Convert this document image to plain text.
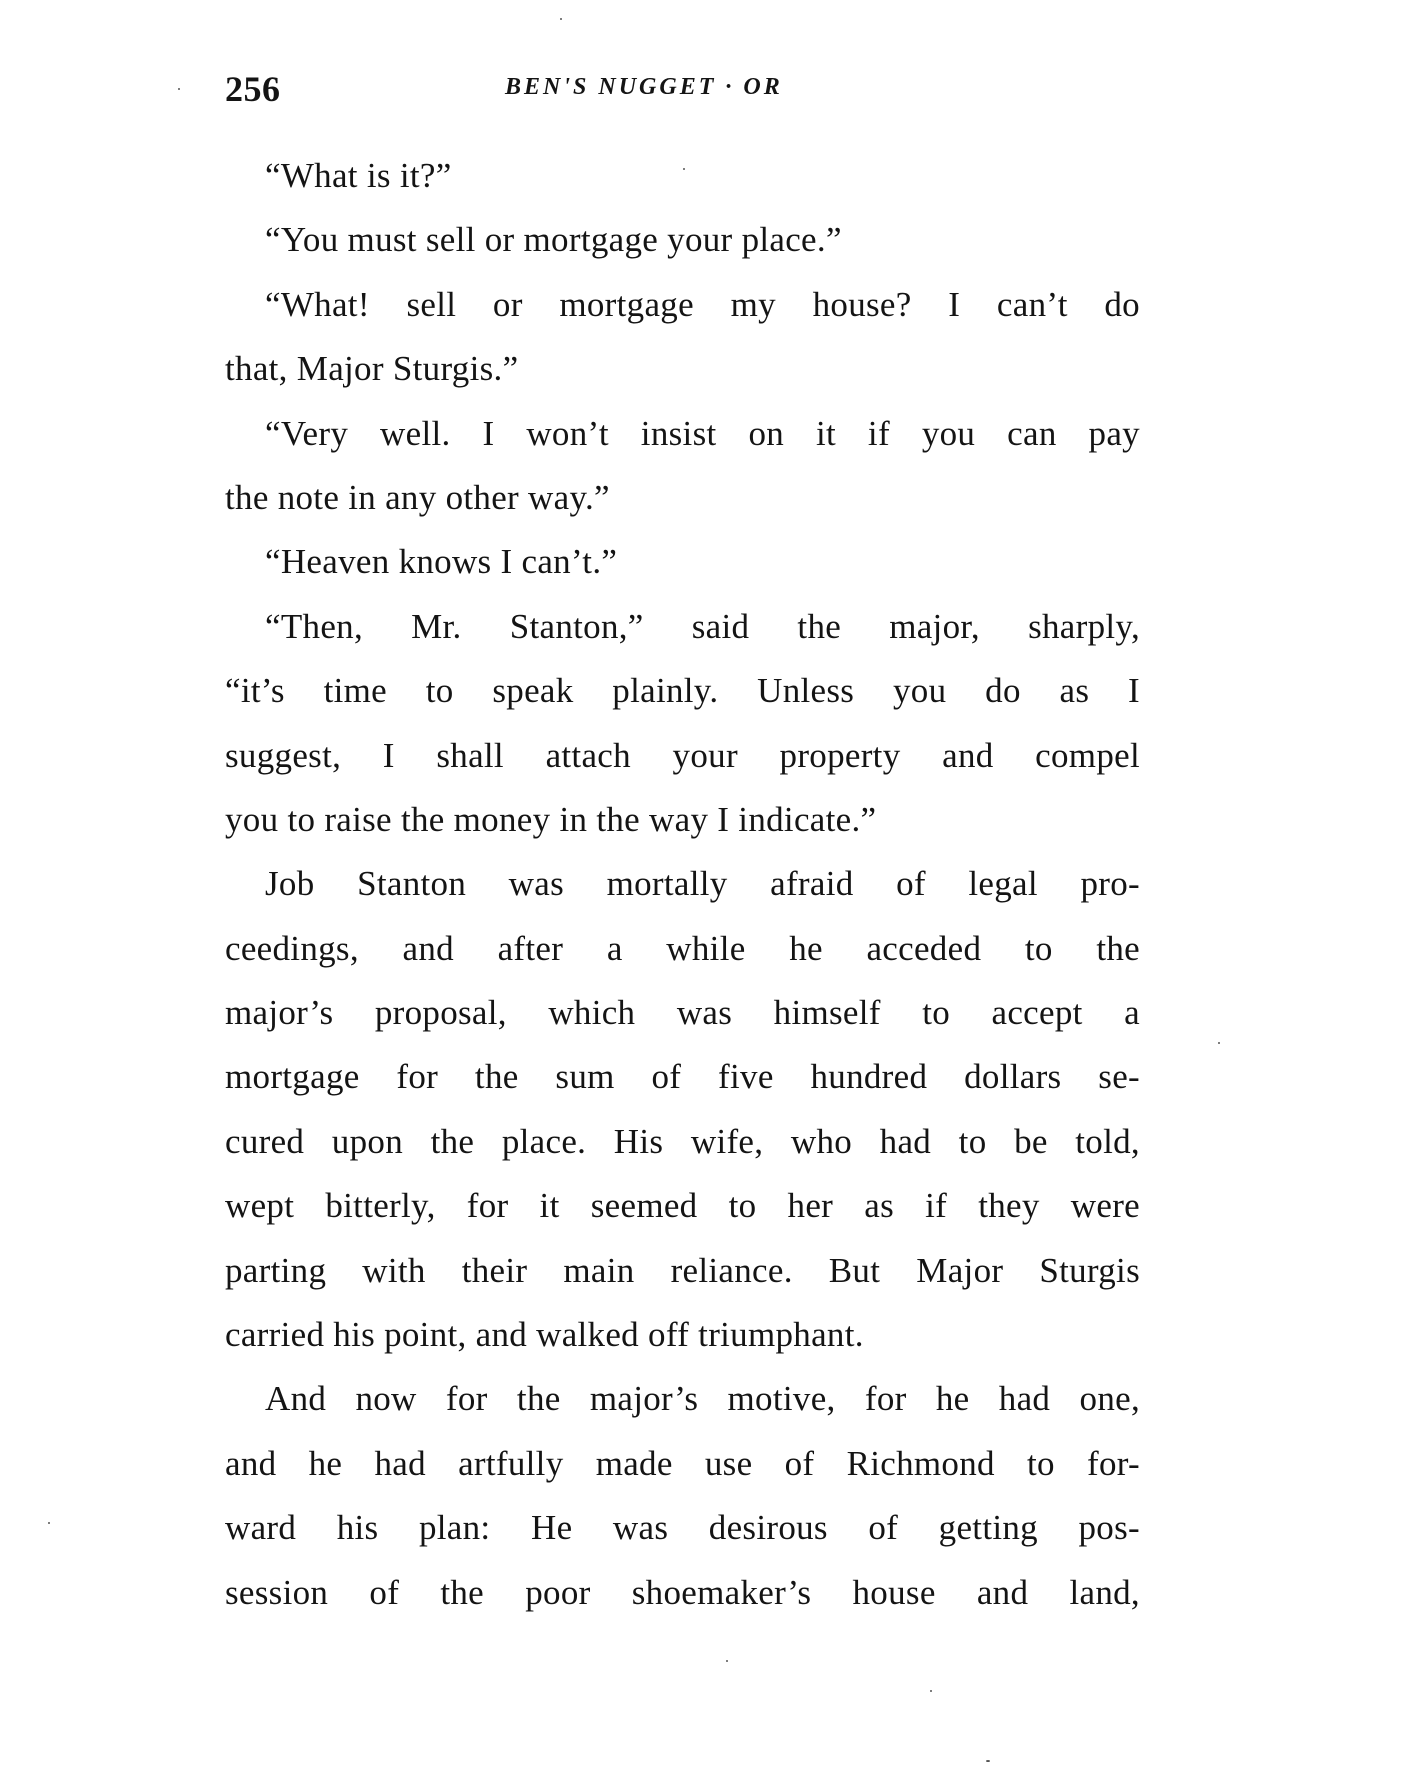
256	BEN'S NUGGET · OR
“What is it?”
“You must sell or mortgage your place.”
“What! sell or mortgage my house? I can’t do
that, Major Sturgis.”
“Very well. I won’t insist on it if you can pay
the note in any other way.”
“Heaven knows I can’t.”
“Then, Mr. Stanton,” said the major, sharply,
“it’s time to speak plainly. Unless you do as I
suggest, I shall attach your property and compel
you to raise the money in the way I indicate.”
Job Stanton was mortally afraid of legal pro-
ceedings, and after a while he acceded to the
major’s proposal, which was himself to accept a
mortgage for the sum of five hundred dollars se-
cured upon the place. His wife, who had to be told,
wept bitterly, for it seemed to her as if they were
parting with their main reliance. But Major Sturgis
carried his point, and walked off triumphant.
And now for the major’s motive, for he had one,
and he had artfully made use of Richmond to for-
ward his plan: He was desirous of getting pos-
session of the poor shoemaker’s house and land,
